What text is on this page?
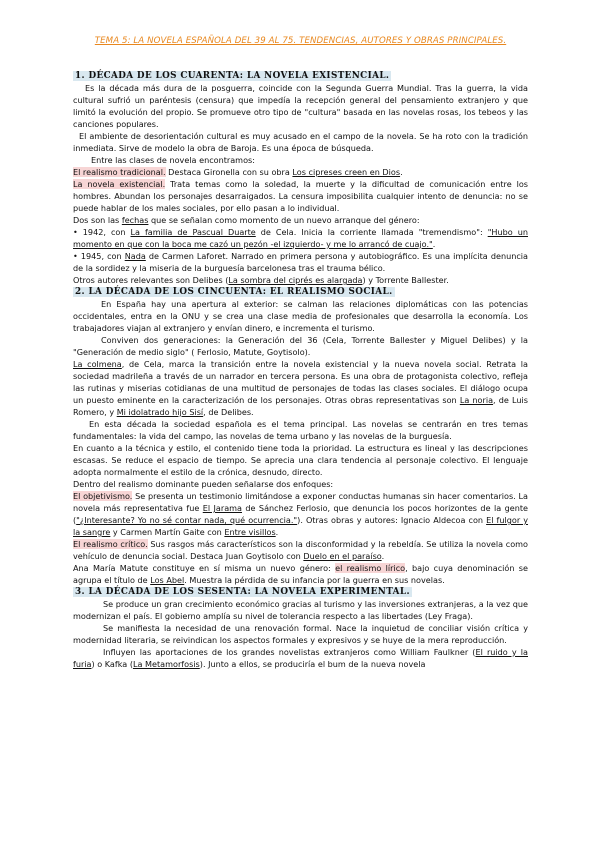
TEMA 5: LA NOVELA ESPAÑOLA DEL 39 AL 75. TENDENCIAS, AUTORES Y OBRAS PRINCIPALES.
1. DÉCADA DE LOS CUARENTA: LA NOVELA EXISTENCIAL.

Es la década más dura de la posguerra, coincide con la Segunda Guerra Mundial. Tras la guerra, la vida cultural sufrió un paréntesis (censura) que impedía la recepción general del pensamiento extranjero y que limitó la evolución del propio. Se promueve otro tipo de "cultura" basada en las novelas rosas, los tebeos y las canciones populares.

El ambiente de desorientación cultural es muy acusado en el campo de la novela. Se ha roto con la tradición inmediata. Sirve de modelo la obra de Baroja. Es una época de búsqueda.

Entre las clases de novela encontramos:

El realismo tradicional. Destaca Gironella con su obra Los cipreses creen en Dios.

La novela existencial. Trata temas como la soledad, la muerte y la dificultad de comunicación entre los hombres. Abundan los personajes desarraigados. La censura imposibilita cualquier intento de denuncia: no se puede hablar de los males sociales, por ello pasan a lo individual.

Dos son las fechas que se señalan como momento de un nuevo arranque del género:

• 1942, con La familia de Pascual Duarte de Cela. Inicia la corriente llamada "tremendismo": "Hubo un momento en que con la boca me cazó un pezón -el izquierdo- y me lo arrancó de cuajo.".

• 1945, con Nada de Carmen Laforet. Narrado en primera persona y autobiográfico. Es una implícita denuncia de la sordidez y la miseria de la burguesía barcelonesa tras el trauma bélico.

Otros autores relevantes son Delibes (La sombra del ciprés es alargada) y Torrente Ballester.

2. LA DÉCADA DE LOS CINCUENTA: EL REALISMO SOCIAL.

En España hay una apertura al exterior: se calman las relaciones diplomáticas con las potencias occidentales, entra en la ONU y se crea una clase media de profesionales que desarrolla la economía. Los trabajadores viajan al extranjero y envían dinero, e incrementa el turismo.

Conviven dos generaciones: la Generación del 36 (Cela, Torrente Ballester y Miguel Delibes) y la "Generación de medio siglo" ( Ferlosio, Matute, Goytisolo).

La colmena, de Cela, marca la transición entre la novela existencial y la nueva novela social. Retrata la sociedad madrileña a través de un narrador en tercera persona. Es una obra de protagonista colectivo, refleja las rutinas y miserias cotidianas de una multitud de personajes de todas las clases sociales. El diálogo ocupa un puesto eminente en la caracterización de los personajes. Otras obras representativas son La noria, de Luis Romero, y Mi idolatrado hijo Sisí, de Delibes.

En esta década la sociedad española es el tema principal. Las novelas se centrarán en tres temas fundamentales: la vida del campo, las novelas de tema urbano y las novelas de la burguesía.

En cuanto a la técnica y estilo, el contenido tiene toda la prioridad. La estructura es lineal y las descripciones escasas. Se reduce el espacio de tiempo. Se aprecia una clara tendencia al personaje colectivo. El lenguaje adopta normalmente el estilo de la crónica, desnudo, directo.

Dentro del realismo dominante pueden señalarse dos enfoques:

El objetivismo. Se presenta un testimonio limitándose a exponer conductas humanas sin hacer comentarios. La novela más representativa fue El Jarama de Sánchez Ferlosio, que denuncia los pocos horizontes de la gente ("¿Interesante? Yo no sé contar nada, qué ocurrencia."). Otras obras y autores: Ignacio Aldecoa con El fulgor y la sangre y Carmen Martín Gaite con Entre visillos.

El realismo crítico. Sus rasgos más característicos son la disconformidad y la rebeldía. Se utiliza la novela como vehículo de denuncia social. Destaca Juan Goytisolo con Duelo en el paraíso.

Ana María Matute constituye en sí misma un nuevo género: el realismo lírico, bajo cuya denominación se agrupa el título de Los Abel. Muestra la pérdida de su infancia por la guerra en sus novelas.

3. LA DÉCADA DE LOS SESENTA: LA NOVELA EXPERIMENTAL.

Se produce un gran crecimiento económico gracias al turismo y las inversiones extranjeras, a la vez que modernizan el país. El gobierno amplía su nivel de tolerancia respecto a las libertades (Ley Fraga).

Se manifiesta la necesidad de una renovación formal. Nace la inquietud de conciliar visión crítica y modernidad literaria, se reivindican los aspectos formales y expresivos y se huye de la mera reproducción.

Influyen las aportaciones de los grandes novelistas extranjeros como William Faulkner (El ruido y la furia) o Kafka (La Metamorfosis). Junto a ellos, se produciría el bum de la nueva novela
